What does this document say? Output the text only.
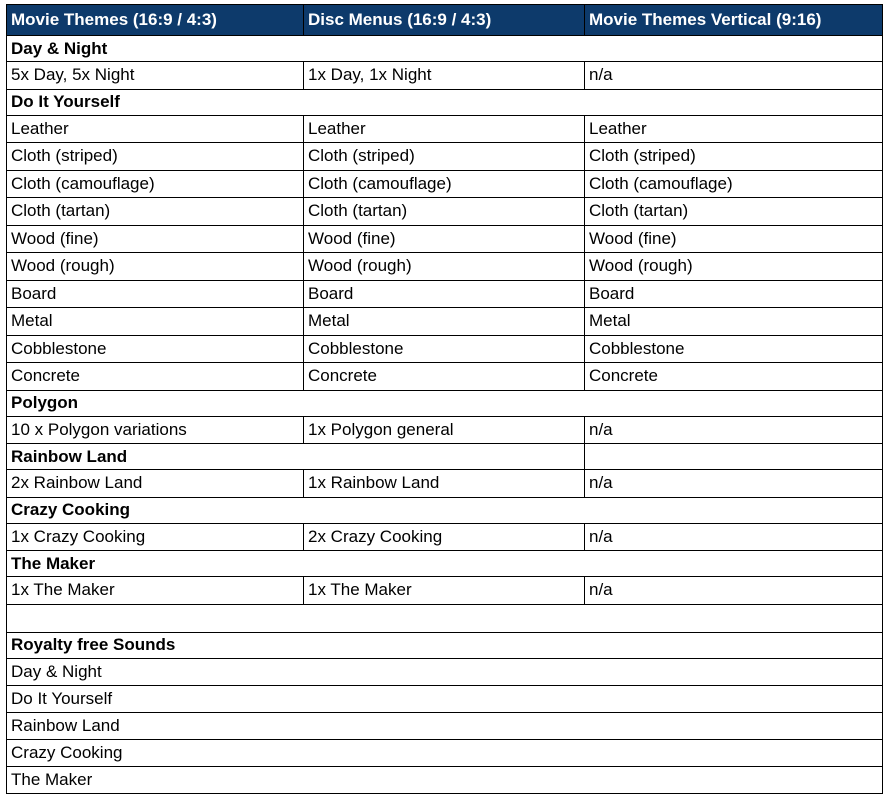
Movie Themes (16:9 / 4:3)	Disc Menus (16:9 / 4:3)	Movie Themes Vertical (9:16)
Day & Night		
5x Day, 5x Night	1x Day, 1x Night	n/a
Do It Yourself		
Leather	Leather	Leather
Cloth (striped)	Cloth (striped)	Cloth (striped)
Cloth (camouflage)	Cloth (camouflage)	Cloth (camouflage)
Cloth (tartan)	Cloth (tartan)	Cloth (tartan)
Wood (fine)	Wood (fine)	Wood (fine)
Wood (rough)	Wood (rough)	Wood (rough)
Board	Board	Board
Metal	Metal	Metal
Cobblestone	Cobblestone	Cobblestone
Concrete	Concrete	Concrete
Polygon		
10 x Polygon variations	1x Polygon general	n/a
Rainbow Land		
2x Rainbow Land	1x Rainbow Land	n/a
Crazy Cooking		
1x Crazy Cooking	2x Crazy Cooking	n/a
The Maker		
1x The Maker	1x The Maker	n/a

Royalty free Sounds		
Day & Night		
Do It Yourself		
Rainbow Land		
Crazy Cooking		
The Maker		
